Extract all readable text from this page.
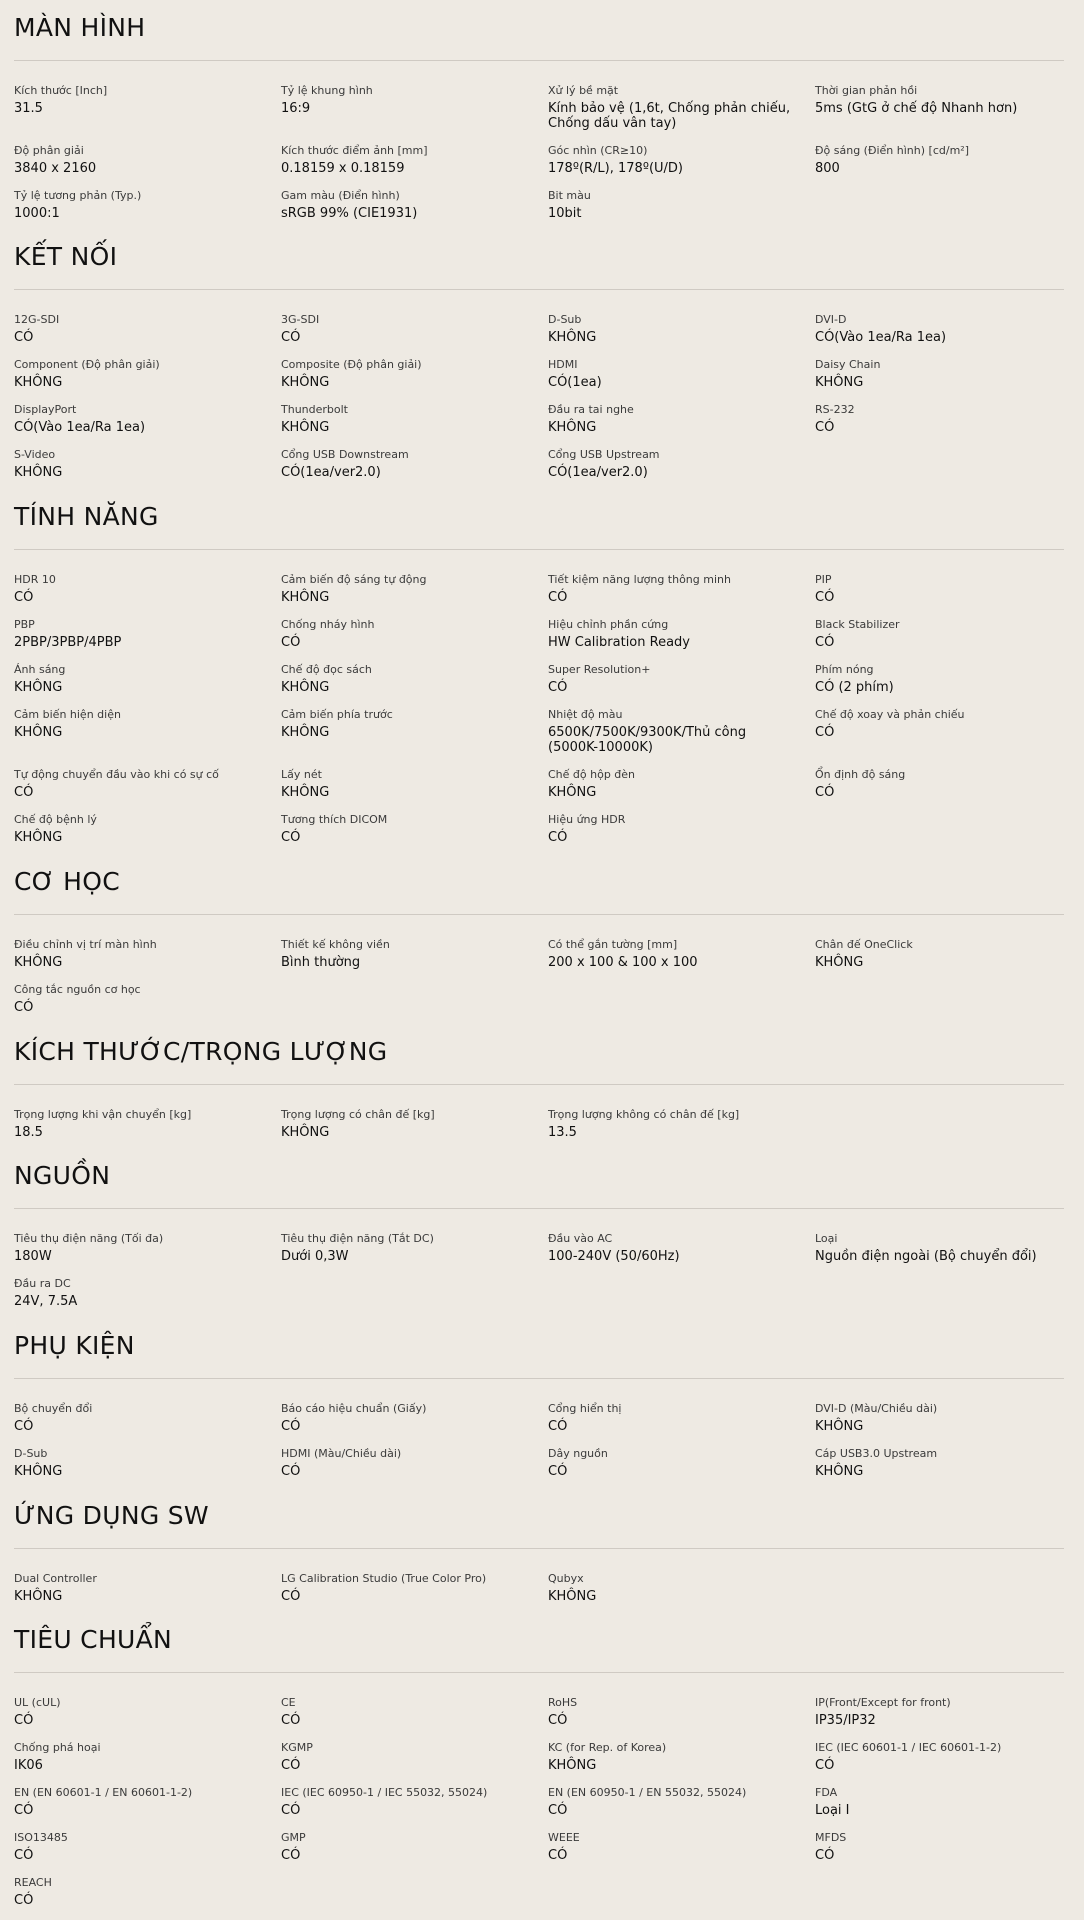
MÀN HÌNH
Kích thước [Inch]
31.5
Tỷ lệ khung hình
16:9
Xử lý bề mặt
Kính bảo vệ (1,6t, Chống phản chiếu, Chống dấu vân tay)
Thời gian phản hồi
5ms (GtG ở chế độ Nhanh hơn)
Độ phân giải
3840 x 2160
Kích thước điểm ảnh [mm]
0.18159 x 0.18159
Góc nhìn (CR≥10)
178º(R/L), 178º(U/D)
Độ sáng (Điển hình) [cd/m²]
800
Tỷ lệ tương phản (Typ.)
1000:1
Gam màu (Điển hình)
sRGB 99% (CIE1931)
Bit màu
10bit
KẾT NỐI
12G-SDI
CÓ
3G-SDI
CÓ
D-Sub
KHÔNG
DVI-D
CÓ(Vào 1ea/Ra 1ea)
Component (Độ phân giải)
KHÔNG
Composite (Độ phân giải)
KHÔNG
HDMI
CÓ(1ea)
Daisy Chain
KHÔNG
DisplayPort
CÓ(Vào 1ea/Ra 1ea)
Thunderbolt
KHÔNG
Đầu ra tai nghe
KHÔNG
RS-232
CÓ
S-Video
KHÔNG
Cổng USB Downstream
CÓ(1ea/ver2.0)
Cổng USB Upstream
CÓ(1ea/ver2.0)
TÍNH NĂNG
HDR 10
CÓ
Cảm biến độ sáng tự động
KHÔNG
Tiết kiệm năng lượng thông minh
CÓ
PIP
CÓ
PBP
2PBP/3PBP/4PBP
Chống nháy hình
CÓ
Hiệu chỉnh phần cứng
HW Calibration Ready
Black Stabilizer
CÓ
Ánh sáng
KHÔNG
Chế độ đọc sách
KHÔNG
Super Resolution+
CÓ
Phím nóng
CÓ (2 phím)
Cảm biến hiện diện
KHÔNG
Cảm biến phía trước
KHÔNG
Nhiệt độ màu
6500K/7500K/9300K/Thủ công (5000K-10000K)
Chế độ xoay và phản chiếu
CÓ
Tự động chuyển đầu vào khi có sự cố
CÓ
Lấy nét
KHÔNG
Chế độ hộp đèn
KHÔNG
Ổn định độ sáng
CÓ
Chế độ bệnh lý
KHÔNG
Tương thích DICOM
CÓ
Hiệu ứng HDR
CÓ
CƠ HỌC
Điều chỉnh vị trí màn hình
KHÔNG
Thiết kế không viền
Bình thường
Có thể gắn tường [mm]
200 x 100 & 100 x 100
Chân đế OneClick
KHÔNG
Công tắc nguồn cơ học
CÓ
KÍCH THƯỚC/TRỌNG LƯỢNG
Trọng lượng khi vận chuyển [kg]
18.5
Trọng lượng có chân đế [kg]
KHÔNG
Trọng lượng không có chân đế [kg]
13.5
NGUỒN
Tiêu thụ điện năng (Tối đa)
180W
Tiêu thụ điện năng (Tắt DC)
Dưới 0,3W
Đầu vào AC
100-240V (50/60Hz)
Loại
Nguồn điện ngoài (Bộ chuyển đổi)
Đầu ra DC
24V, 7.5A
PHỤ KIỆN
Bộ chuyển đổi
CÓ
Báo cáo hiệu chuẩn (Giấy)
CÓ
Cổng hiển thị
CÓ
DVI-D (Màu/Chiều dài)
KHÔNG
D-Sub
KHÔNG
HDMI (Màu/Chiều dài)
CÓ
Dây nguồn
CÓ
Cáp USB3.0 Upstream
KHÔNG
ỨNG DỤNG SW
Dual Controller
KHÔNG
LG Calibration Studio (True Color Pro)
CÓ
Qubyx
KHÔNG
TIÊU CHUẨN
UL (cUL)
CÓ
CE
CÓ
RoHS
CÓ
IP(Front/Except for front)
IP35/IP32
Chống phá hoại
IK06
KGMP
CÓ
KC (for Rep. of Korea)
KHÔNG
IEC (IEC 60601-1 / IEC 60601-1-2)
CÓ
EN (EN 60601-1 / EN 60601-1-2)
CÓ
IEC (IEC 60950-1 / IEC 55032, 55024)
CÓ
EN (EN 60950-1 / EN 55032, 55024)
CÓ
FDA
Loại I
ISO13485
CÓ
GMP
CÓ
WEEE
CÓ
MFDS
CÓ
REACH
CÓ
